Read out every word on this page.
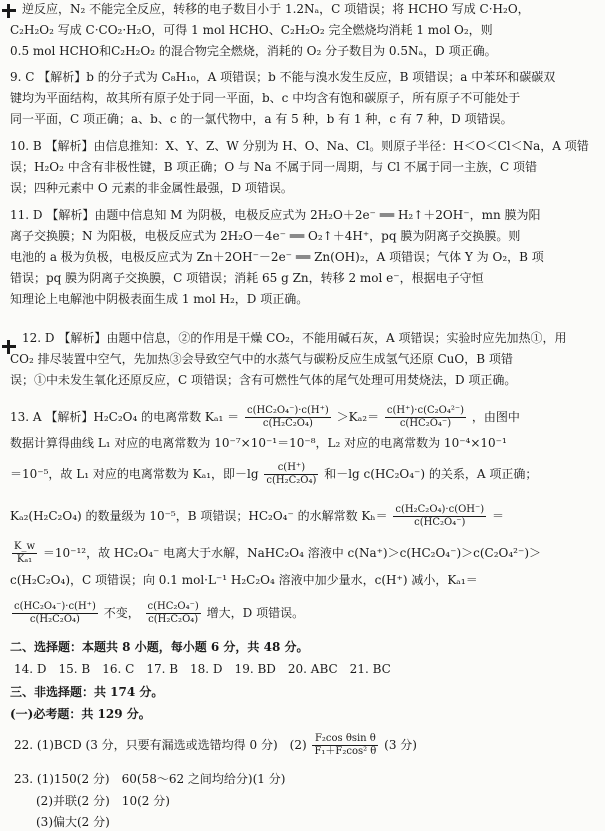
逆反应，N₂ 不能完全反应，转移的电子数目小于 1.2Nₐ，C 项错误；将 HCHO 写成 C·H₂O，
C₂H₂O₂ 写成 C·CO₂·H₂O，可得 1 mol HCHO、C₂H₂O₂ 完全燃烧均消耗 1 mol O₂，则
0.5 mol HCHO和C₂H₂O₂ 的混合物完全燃烧，消耗的 O₂ 分子数目为 0.5Nₐ，D 项正确。
9. C 【解析】b 的分子式为 C₈H₁₀，A 项错误；b 不能与溴水发生反应，B 项错误；a 中苯环和碳碳双
键均为平面结构，故其所有原子处于同一平面，b、c 中均含有饱和碳原子，所有原子不可能处于
同一平面，C 项正确；a、b、c 的一氯代物中，a 有 5 种，b 有 1 种，c 有 7 种，D 项错误。
10. B 【解析】由信息推知：X、Y、Z、W 分别为 H、O、Na、Cl。则原子半径：H＜O＜Cl＜Na，A 项错
误；H₂O₂ 中含有非极性键，B 项正确；O 与 Na 不属于同一周期，与 Cl 不属于同一主族，C 项错
误；四种元素中 O 元素的非金属性最强，D 项错误。
11. D 【解析】由题中信息知 M 为阴极，电极反应式为 2H₂O＋2e⁻ ══ H₂↑＋2OH⁻，mn 膜为阳
离子交换膜；N 为阳极，电极反应式为 2H₂O－4e⁻ ══ O₂↑＋4H⁺，pq 膜为阴离子交换膜。则
电池的 a 极为负极，电极反应式为 Zn＋2OH⁻－2e⁻ ══ Zn(OH)₂，A 项错误；气体 Y 为 O₂，B 项
错误；pq 膜为阴离子交换膜，C 项错误；消耗 65 g Zn，转移 2 mol e⁻，根据电子守恒
知理论上电解池中阴极表面生成 1 mol H₂，D 项正确。
12. D 【解析】由题中信息，②的作用是干燥 CO₂，不能用碱石灰，A 项错误；实验时应先加热①，用
CO₂ 排尽装置中空气，先加热③会导致空气中的水蒸气与碳粉反应生成氢气还原 CuO，B 项错
误；①中未发生氧化还原反应，C 项错误；含有可燃性气体的尾气处理可用焚烧法，D 项正确。
13. A 【解析】H₂C₂O₄ 的电离常数 $K_{a1} = \frac{\text{c(HC₂O₄⁻)·c(H⁺)}}{\text{c(H₂C₂O₄)}} >K_{a2}= \frac{\text{c(H⁺)·c(C₂O₄²⁻)}}{\text{c(HC₂O₄⁻)}}$ ，由图中
数据计算得曲线 L₁ 对应的电离常数为 10⁻⁷×10⁻¹＝10⁻⁸，L₂ 对应的电离常数为 10⁻⁴×10⁻¹
＝10⁻⁵，故 L₁ 对应的电离常数为 Kₐ₁，即$-\lg \frac{c(H^+)}{\text{c(H₂C₂O₄)}}$ 和－lg c(HC₂O₄⁻) 的关系，A 项正确；
Kₐ₂(H₂C₂O₄) 的数量级为 10⁻⁵，B 项错误；HC₂O₄⁻ 的水解常数 $K_h= \frac{\text{c(H₂C₂O₄)·c(OH⁻)}}{\text{c(HC₂O₄⁻)}}$ ＝
$\frac{K\_w}{\text{Kₐ₁}} =10^{-12}$，故 HC₂O₄⁻ 电离大于水解，NaHC₂O₄ 溶液中 c(Na⁺)＞c(HC₂O₄⁻)＞c(C₂O₄²⁻)＞
c(H₂C₂O₄)，C 项错误；向 0.1 mol·L⁻¹ H₂C₂O₄ 溶液中加少量水，c(H⁺) 减小，Kₐ₁＝
$\frac{\text{c(HC₂O₄⁻)·c(H⁺)}}{\text{c(H₂C₂O₄)}}$ 不变， $\frac{\text{c(HC₂O₄⁻)}}{\text{c(H₂C₂O₄)}}$ 增大，D 项错误。
二、选择题：本题共 8 小题，每小题 6 分，共 48 分。
14. D　15. B　16. C　17. B　18. D　19. BD　20. ABC　21. BC
三、非选择题：共 174 分。
(一)必考题：共 129 分。
22. (1)BCD (3 分，只要有漏选或选错均得 0 分)　$(2) \frac{\text{F₂cos θsin θ}}{\text{F₁＋F₂cos² θ}} (3$ 分)
23. (1)150(2 分)　60(58～62 之间均给分)(1 分)
(2)并联(2 分)　10(2 分)
(3)偏大(2 分)
